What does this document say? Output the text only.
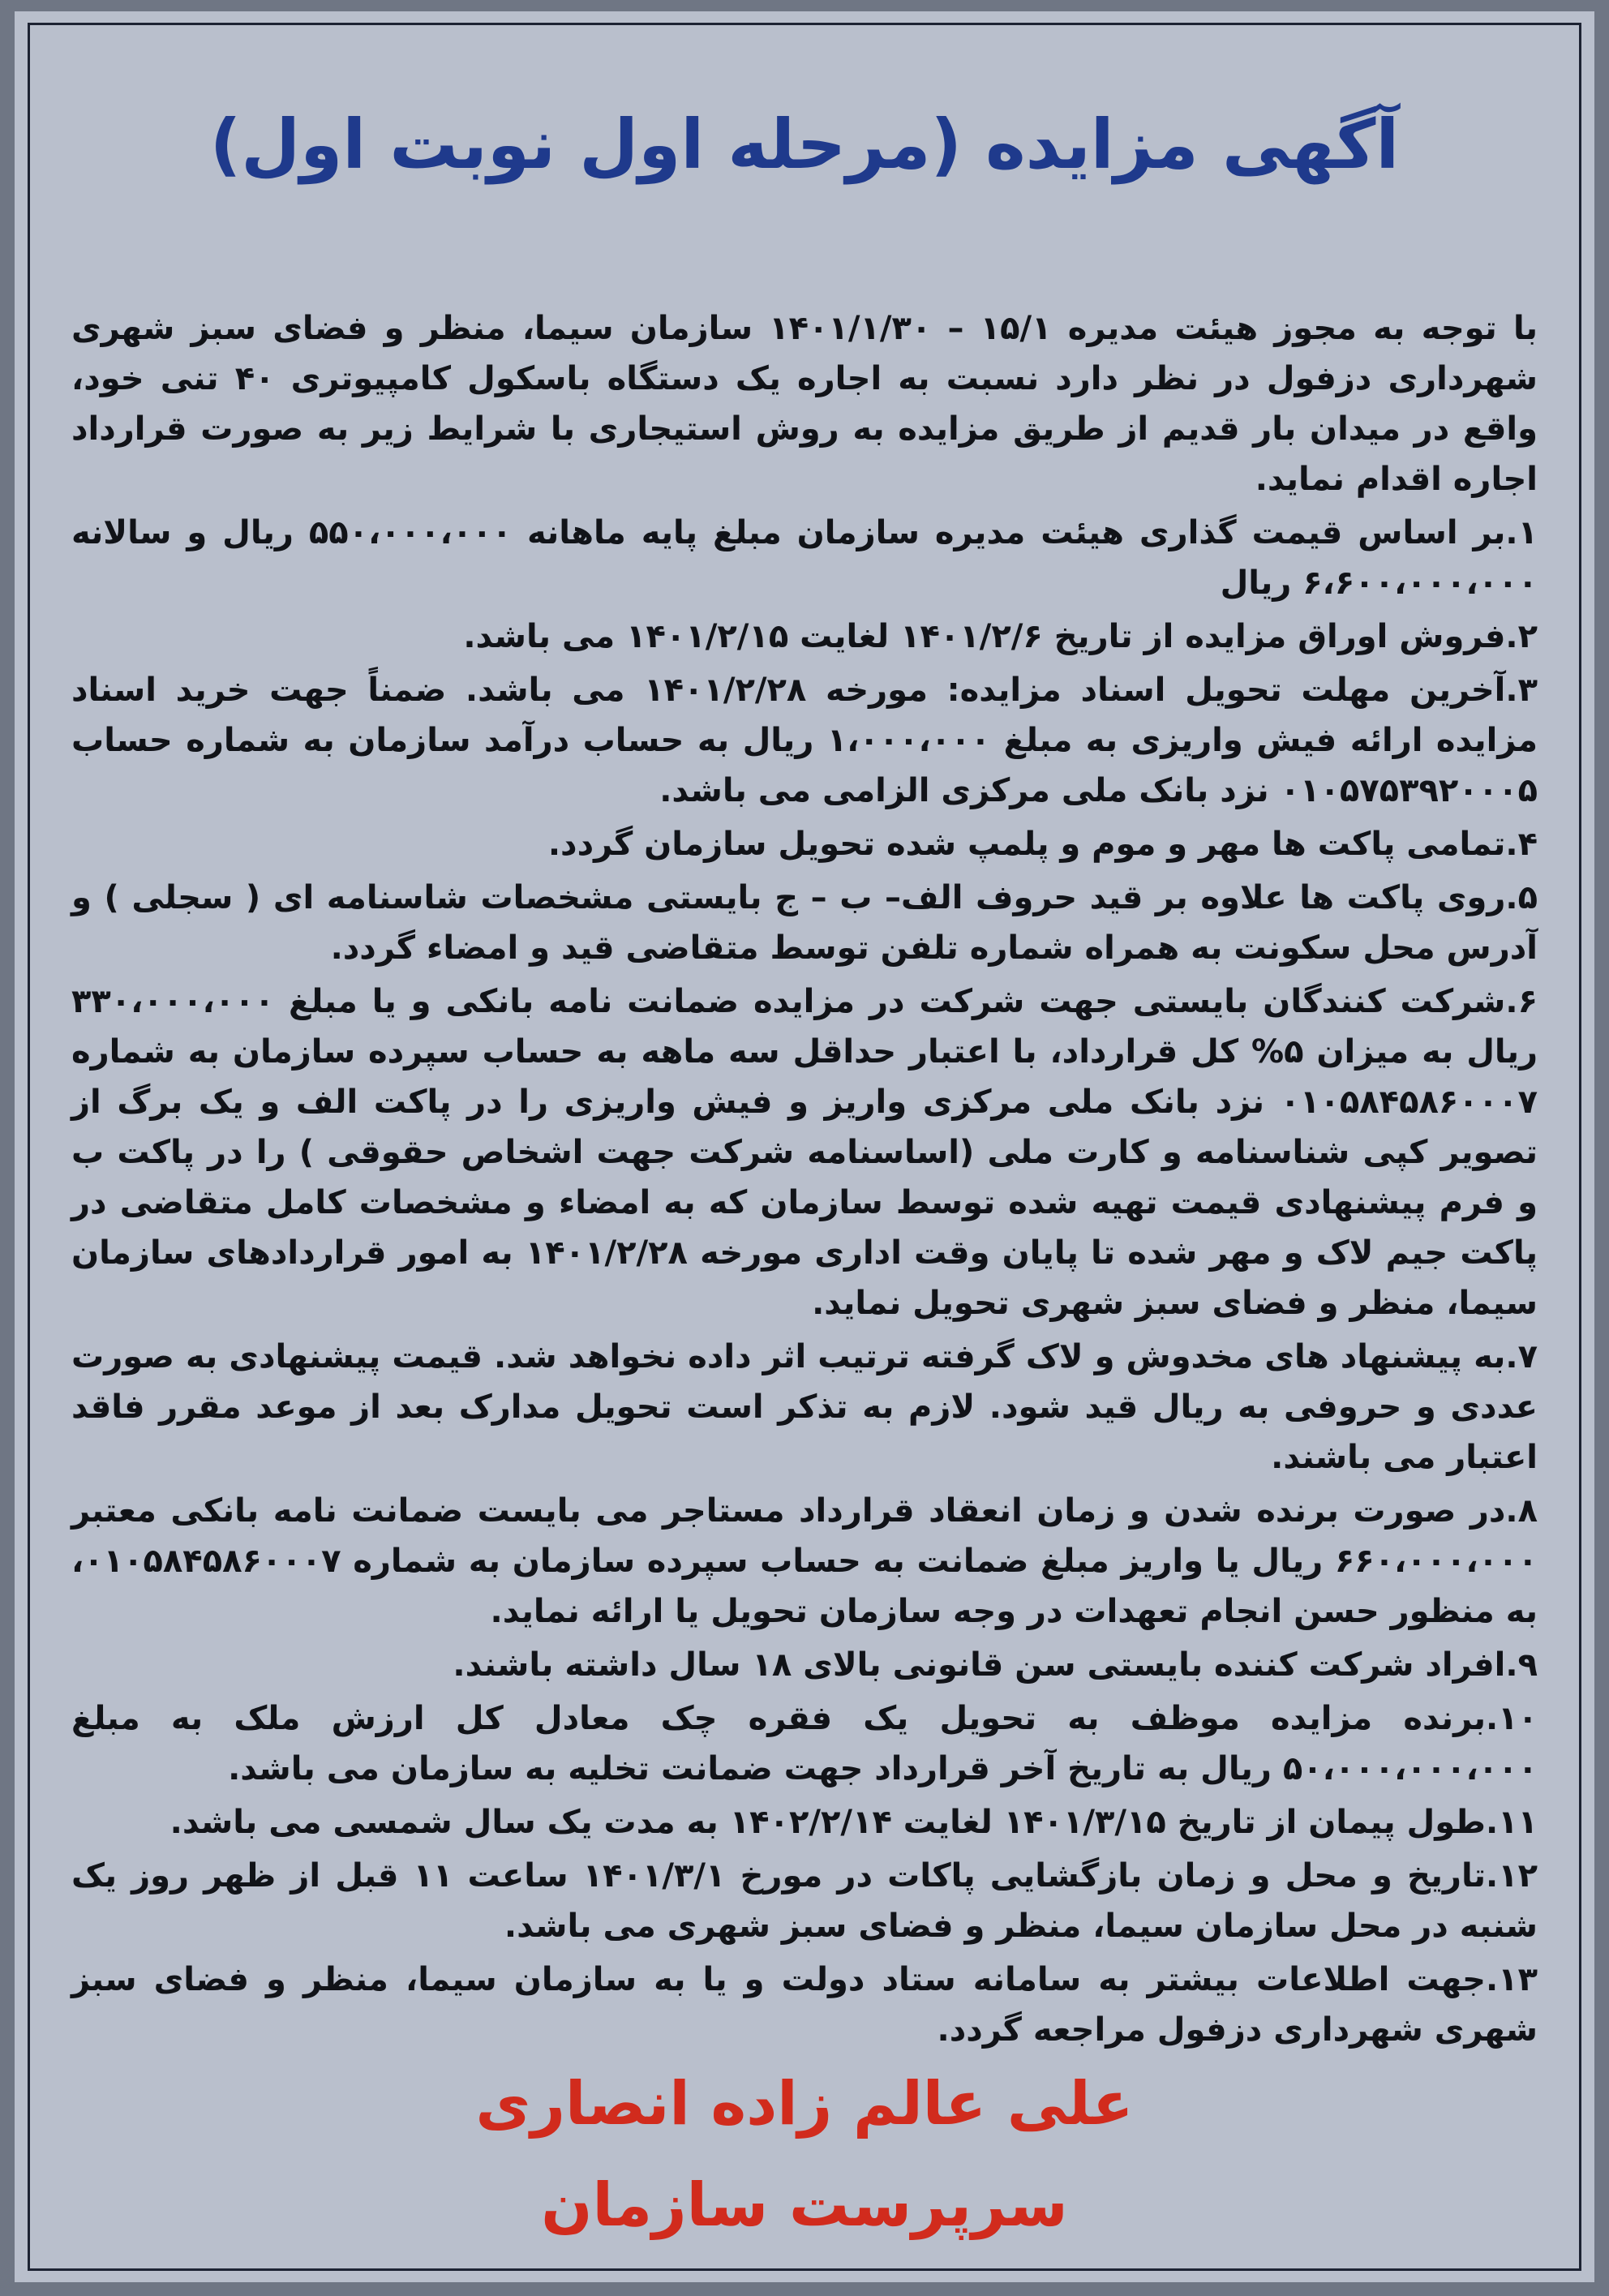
آگهی مزایده (مرحله اول نوبت اول)

با توجه به مجوز هیئت مدیره ۱۵/۱ – ۱۴۰۱/۱/۳۰ سازمان سیما، منظر و فضای سبز شهری شهرداری دزفول در نظر دارد نسبت به اجاره یک دستگاه باسکول کامپیوتری ۴۰ تنی خود، واقع در میدان بار قدیم از طریق مزایده به روش استیجاری با شرایط زیر به صورت قرارداد اجاره اقدام نماید.

۱.بر اساس قیمت گذاری هیئت مدیره سازمان مبلغ پایه ماهانه ۵۵۰،۰۰۰،۰۰۰ ریال و سالانه ۶،۶۰۰،۰۰۰،۰۰۰ ریال

۲.فروش اوراق مزایده از تاریخ ۱۴۰۱/۲/۶ لغایت ۱۴۰۱/۲/۱۵ می باشد.

۳.آخرین مهلت تحویل اسناد مزایده: مورخه ۱۴۰۱/۲/۲۸ می باشد. ضمناً جهت خرید اسناد مزایده ارائه فیش واریزی به مبلغ ۱،۰۰۰،۰۰۰ ریال به حساب درآمد سازمان به شماره حساب ۰۱۰۵۷۵۳۹۲۰۰۰۵ نزد بانک ملی مرکزی الزامی می باشد.

۴.تمامی پاکت ها مهر و موم و پلمپ شده تحویل سازمان گردد.

۵.روی پاکت ها علاوه بر قید حروف الف– ب – ج بایستی مشخصات شاسنامه ای ( سجلی ) و آدرس محل سکونت به همراه شماره تلفن توسط متقاضی قید و امضاء گردد.

۶.شرکت کنندگان بایستی جهت شرکت در مزایده ضمانت نامه بانکی و یا مبلغ ۳۳۰،۰۰۰،۰۰۰ ریال به میزان ۵% کل قرارداد، با اعتبار حداقل سه ماهه به حساب سپرده سازمان به شماره ۰۱۰۵۸۴۵۸۶۰۰۰۷ نزد بانک ملی مرکزی واریز و فیش واریزی را در پاکت الف و یک برگ از تصویر کپی شناسنامه و کارت ملی (اساسنامه شرکت جهت اشخاص حقوقی ) را در پاکت ب و فرم پیشنهادی قیمت تهیه شده توسط سازمان که به امضاء و مشخصات کامل متقاضی در پاکت جیم لاک و مهر شده تا پایان وقت اداری مورخه ۱۴۰۱/۲/۲۸ به امور قراردادهای سازمان سیما، منظر و فضای سبز شهری تحویل نماید.

۷.به پیشنهاد های مخدوش و لاک گرفته ترتیب اثر داده نخواهد شد. قیمت پیشنهادی به صورت عددی و حروفی به ریال قید شود. لازم به تذکر است تحویل مدارک بعد از موعد مقرر فاقد اعتبار می باشند.

۸.در صورت برنده شدن و زمان انعقاد قرارداد مستاجر می بایست ضمانت نامه بانکی معتبر ۶۶۰،۰۰۰،۰۰۰ ریال یا واریز مبلغ ضمانت به حساب سپرده سازمان به شماره ۰۱۰۵۸۴۵۸۶۰۰۰۷، به منظور حسن انجام تعهدات در وجه سازمان تحویل یا ارائه نماید.

۹.افراد شرکت کننده بایستی سن قانونی بالای ۱۸ سال داشته باشند.

۱۰.برنده مزایده موظف به تحویل یک فقره چک معادل کل ارزش ملک به مبلغ ۵۰،۰۰۰،۰۰۰،۰۰۰ ریال به تاریخ آخر قرارداد جهت ضمانت تخلیه به سازمان می باشد.

۱۱.طول پیمان از تاریخ ۱۴۰۱/۳/۱۵ لغایت ۱۴۰۲/۲/۱۴ به مدت یک سال شمسی می باشد.

۱۲.تاریخ و محل و زمان بازگشایی پاکات در مورخ ۱۴۰۱/۳/۱ ساعت ۱۱ قبل از ظهر روز یک شنبه در محل سازمان سیما، منظر و فضای سبز شهری می باشد.

۱۳.جهت اطلاعات بیشتر به سامانه ستاد دولت و یا به سازمان سیما، منظر و فضای سبز شهری شهرداری دزفول مراجعه گردد.

علی عالم زاده انصاری
سرپرست سازمان
